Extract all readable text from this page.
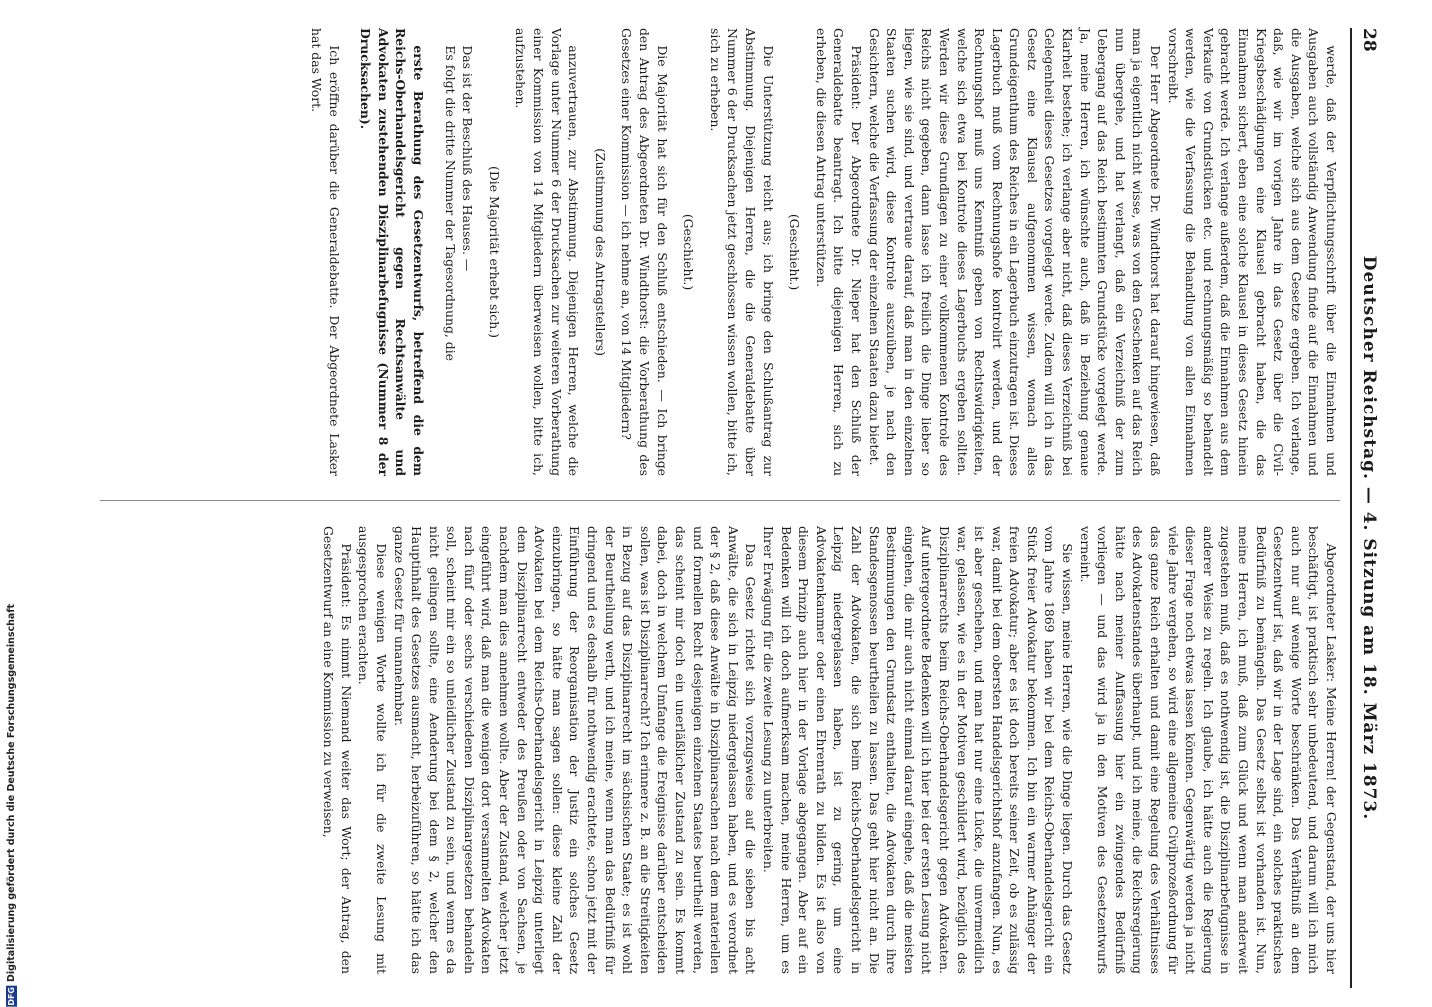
28
Deutscher Reichstag. — 4. Sitzung am 18. März 1873.

werde, daß der Verpflichtungsschrift über die Einnahmen und Ausgaben auch vollständig Anwendung finde auf die Einnahmen und die Ausgaben, welche sich aus dem Gesetze ergeben. Ich verlange, daß, wie wir im vorigen Jahre in das Gesetz über die Civil-Kriegsbeschädigungen eine Klausel gebracht haben, die das Einnahmen sichert, eben eine solche Klausel in dieses Gesetz hinein gebracht werde. Ich verlange außerdem, daß die Einnahmen aus dem Verkaufe von Grundstücken etc. und rechnungsmäßig so behandelt werden, wie die Verfassung die Behandlung von allen Einnahmen vorschreibt.

Der Herr Abgeordnete Dr. Windthorst hat darauf hingewiesen, daß man ja eigentlich nicht wisse, was von den Geschenken auf das Reich nun übergehe, und hat verlangt, daß ein Verzeichniß der zum Uebergang auf das Reich bestimmten Grundstücke vorgelegt werde. Ja, meine Herren, ich wünschte auch, daß in Beziehung genaue Klarheit bestehe; ich verlange aber nicht, daß dieses Verzeichniß bei Gelegenheit dieses Gesetzes vorgelegt werde. Zudem will ich in das Gesetz eine Klausel aufgenommen wissen, wonach alles Grundeigenthum des Reiches in ein Lagerbuch einzutragen ist. Dieses Lagerbuch muß vom Rechnungshofe kontrolirt werden, und der Rechnungshof muß uns Kenntniß geben von Rechtswidrigkeiten, welche sich etwa bei Kontrole dieses Lagerbuchs ergeben sollten. Werden wir diese Grundlagen zu einer vollkommenen Kontrole des Reichs nicht gegeben, dann lasse ich freilich die Dinge lieber so liegen, wie sie sind, und vertraue darauf, daß man in den einzelnen Staaten suchen wird, diese Kontrole auszuüben, je nach den Gesichtern, welche die Verfassung der einzelnen Staaten dazu bietet.

Präsident: Der Abgeordnete Dr. Nieper hat den Schluß der Generaldebatte beantragt. Ich bitte diejenigen Herren, sich zu erheben, die diesen Antrag unterstützen.

(Geschieht.)

Die Unterstützung reicht aus; ich bringe den Schlußantrag zur Abstimmung. Diejenigen Herren, die die Generaldebatte über Nummer 6 der Drucksachen jetzt geschlossen wissen wollen, bitte ich, sich zu erheben.

(Geschieht.)

Die Majorität hat sich für den Schluß entschieden. — Ich bringe den Antrag des Abgeordneten Dr. Windthorst: die Vorberathung des Gesetzes einer Kommission — ich nehme an, von 14 Mitgliedern?

(Zustimmung des Antragstellers)

anzuvertrauen, zur Abstimmung. Diejenigen Herren, welche die Vorlage unter Nummer 6 der Drucksachen zur weiteren Vorberathung einer Kommission von 14 Mitgliedern überweisen wollen, bitte ich, aufzustehen.

(Die Majorität erhebt sich.)

Das ist der Beschluß des Hauses. —

Es folgt die dritte Nummer der Tagesordnung, die

erste Berathung des Gesetzentwurfs, betreffend die dem Reichs-Oberhandelsgericht gegen Rechtsanwälte und Advokaten zustehenden Disziplinarbefugnisse (Nummer 8 der Drucksachen).

Ich eröffne darüber die Generaldebatte. Der Abgeordnete Lasker hat das Wort.

Abgeordneter Lasker: Meine Herren! der Gegenstand, der uns hier beschäftigt, ist praktisch sehr unbedeutend, und darum will ich mich auch nur auf wenige Worte beschränken. Das Verhältniß an dem Gesetzentwurf ist, daß wir in der Lage sind, ein solches praktisches Bedürfniß zu bemängeln. Das Gesetz selbst ist vorhanden ist. Nun, meine Herren, ich muß, daß zum Glück und wenn man anderweit zugestehen muß, daß es nothwendig ist, die Disziplinarbefugnisse in anderer Weise zu regeln. Ich glaube, ich hätte auch die Regierung dieser Frage noch etwas lassen können. Gegenwärtig werden ja nicht viele Jahre vergehen, so wird eine allgemeine Civilprozeßordnung für das ganze Reich erhalten und damit eine Regelung des Verhältnisses des Advokatenstandes überhaupt, und ich meine, die Reichsregierung hätte nach meiner Auffassung hier ein zwingendes Bedürfniß vorliegen — und das wird ja in den Motiven des Gesetzentwurfs verneint.

Sie wissen, meine Herren, wie die Dinge liegen. Durch das Gesetz vom Jahre 1869 haben wir bei dem Reichs-Oberhandelsgericht ein Stück freier Advokatur bekommen. Ich bin ein warmer Anhänger der freien Advokatur; aber es ist doch bereits seiner Zeit, ob es zulässig war, damit bei dem obersten Handelsgerichtshof anzufangen. Nun, es ist aber geschehen, und man hat nur eine Lücke, die unvermeidlich war, gelassen, wie es in der Motiven geschildert wird, bezüglich des Disziplinarrechts beim Reichs-Oberhandelsgericht gegen Advokaten. Auf untergeordnete Bedenken will ich hier bei der ersten Lesung nicht eingehen, die mir auch nicht einmal darauf eingehe, daß die meisten Bestimmungen den Grundsatz enthalten, die Advokaten durch ihre Standesgenossen beurtheilen zu lassen. Das geht hier nicht an. Die Zahl der Advokaten, die sich beim Reichs-Oberhandelsgericht in Leipzig niedergelassen haben, ist zu gering, um eine Advokatenkammer oder einen Ehrenrath zu bilden. Es ist also von diesem Prinzip auch hier in der Vorlage abgegangen. Aber auf ein Bedenken will ich doch aufmerksam machen, meine Herren, um es Ihrer Erwägung für die zweite Lesung zu unterbreiten.

Das Gesetz richtet sich vorzugsweise auf die sieben bis acht Anwälte, die sich in Leipzig niedergelassen haben, und es verordnet der § 2, daß diese Anwälte in Disziplinarsachen nach dem materiellen und formellen Recht desjenigen einzelnen Staates beurtheilt werden, das scheint mir doch ein unerläßlicher Zustand zu sein. Es kommt dabei, doch in welchem Umfange die Ereignisse darüber entscheiden sollen, was ist Disziplinarrecht? Ich erinnere z. B. an die Streitigkeiten in Bezug auf das Disziplinarrecht im sächsischen Staate; es ist wohl der Beurtheilung werth, und ich meine, wenn man das Bedürfniß für dringend und es deshalb für nothwendig erachtete, schon jetzt mit der Einführung der Reorganisation der Justiz ein solches Gesetz einzubringen, so hätte man sagen sollen: diese kleine Zahl der Advokaten bei dem Reichs-Oberhandelsgericht in Leipzig unterliegt dem Disziplinarrecht entweder des Preußen oder von Sachsen, je nachdem man dies annehmen wollte. Aber der Zustand, welcher jetzt eingeführt wird, daß man die wenigen dort versammelten Advokaten nach fünf oder sechs verschiedenen Disziplinargesetzen behandeln soll, scheint mir ein so unleidlicher Zustand zu sein, und wenn es da nicht gelingen sollte, eine Aenderung bei dem § 2, welcher den Hauptinhalt des Gesetzes ausmacht, herbeizuführen, so hätte ich das ganze Gesetz für unannehmbar.

Diese wenigen Worte wollte ich für die zweite Lesung mit ausgesprochen erachten.

Präsident: Es nimmt Niemand weiter das Wort; der Antrag, den Gesetzentwurf an eine Kommission zu verweisen,

Digitalisierung gefördert durch die Deutsche Forschungsgemeinschaft
DFG
